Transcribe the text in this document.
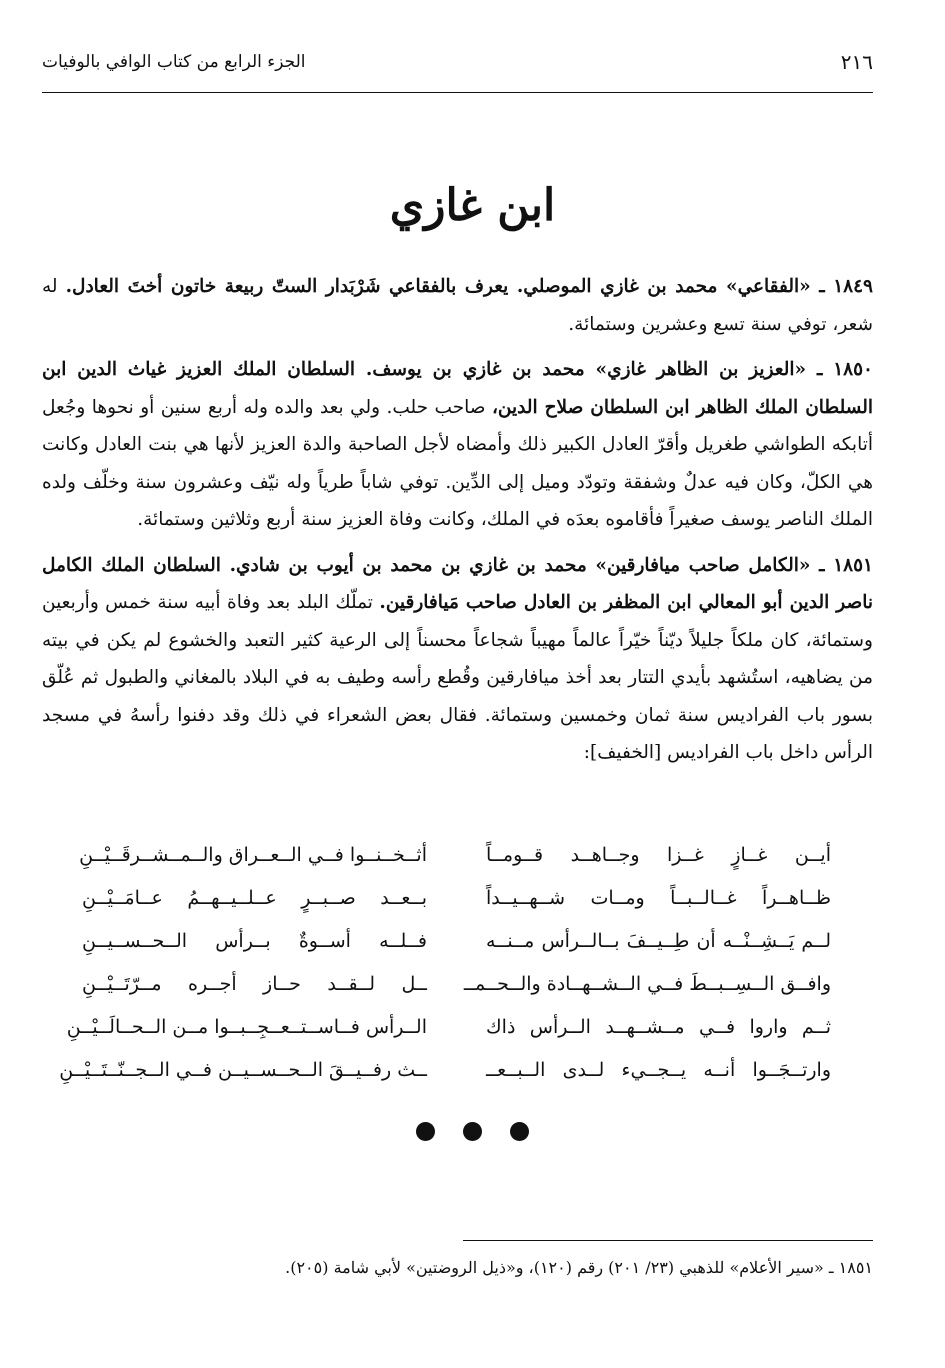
٢١٦
الجزء الرابع من كتاب الوافي بالوفيات
ابن غازي

١٨٤٩ ـ «الفقاعي» محمد بن غازي الموصلي. يعرف بالفقاعي شَرْبَدار الستّ ربيعة خاتون أختَ العادل. له شعر، توفي سنة تسع وعشرين وستمائة.

١٨٥٠ ـ «العزيز بن الظاهر غازي» محمد بن غازي بن يوسف. السلطان الملك العزيز غياث الدين ابن السلطان الملك الظاهر ابن السلطان صلاح الدين، صاحب حلب. ولي بعد والده وله أربع سنين أو نحوها وجُعل أتابكه الطواشي طغريل وأقرّ العادل الكبير ذلك وأمضاه لأجل الصاحبة والدة العزيز لأنها هي بنت العادل وكانت هي الكلّ، وكان فيه عدلٌ وشفقة وتودّد وميل إلى الدِّين. توفي شاباً طرياً وله نيّف وعشرون سنة وخلّف ولده الملك الناصر يوسف صغيراً فأقاموه بعدَه في الملك، وكانت وفاة العزيز سنة أربع وثلاثين وستمائة.

١٨٥١ ـ «الكامل صاحب ميافارقين» محمد بن غازي بن محمد بن أيوب بن شادي. السلطان الملك الكامل ناصر الدين أبو المعالي ابن المظفر بن العادل صاحب مَيافارقين. تملّك البلد بعد وفاة أبيه سنة خمس وأربعين وستمائة، كان ملكاً جليلاً ديّناً خيّراً عالماً مهيباً شجاعاً محسناً إلى الرعية كثير التعبد والخشوع لم يكن في بيته من يضاهيه، استُشهد بأيدي التتار بعد أخذ ميافارقين وقُطع رأسه وطيف به في البلاد بالمغاني والطبول ثم عُلّق بسور باب الفراديس سنة ثمان وخمسين وستمائة. فقال بعض الشعراء في ذلك وقد دفنوا رأسهُ في مسجد الرأس داخل باب الفراديس [الخفيف]:

أيــن غــازٍ غــزا وجــاهــد قــومــاً
أثــخــنــوا فــي الــعــراق والــمــشــرقَــيْــنِ
ظــاهــراً غــالــبــاً ومــات شــهــيــداً
بــعــد صــبــرٍ عــلــيــهــمُ عــامَــيْــنِ
لــم يَــشِــنْــه أن طِــيــفَ بــالــرأس مــنــه
فــلــه أســوةٌ بــرأس الــحــســيــنِ
وافــق الــسِــبــطَ فــي الــشــهــادة والــحــمــ
ــل لــقــد حــاز أجــره مــرّتَــيْــنِ
ثــم واروا فــي مــشــهــد الــرأس ذاك
الــرأس فــاســتــعــجِــبــوا مــن الــحــالَــيْــنِ
وارتــجَــوا أنــه يــجــيء لــدى الــبــعــ
ــث رفــيــقَ الــحــســيــن فــي الــجــنّــتَــيْــنِ
١٨٥١ ـ «سير الأعلام» للذهبي (٢٣/ ٢٠١) رقم (١٢٠)، و«ذيل الروضتين» لأبي شامة (٢٠٥).
